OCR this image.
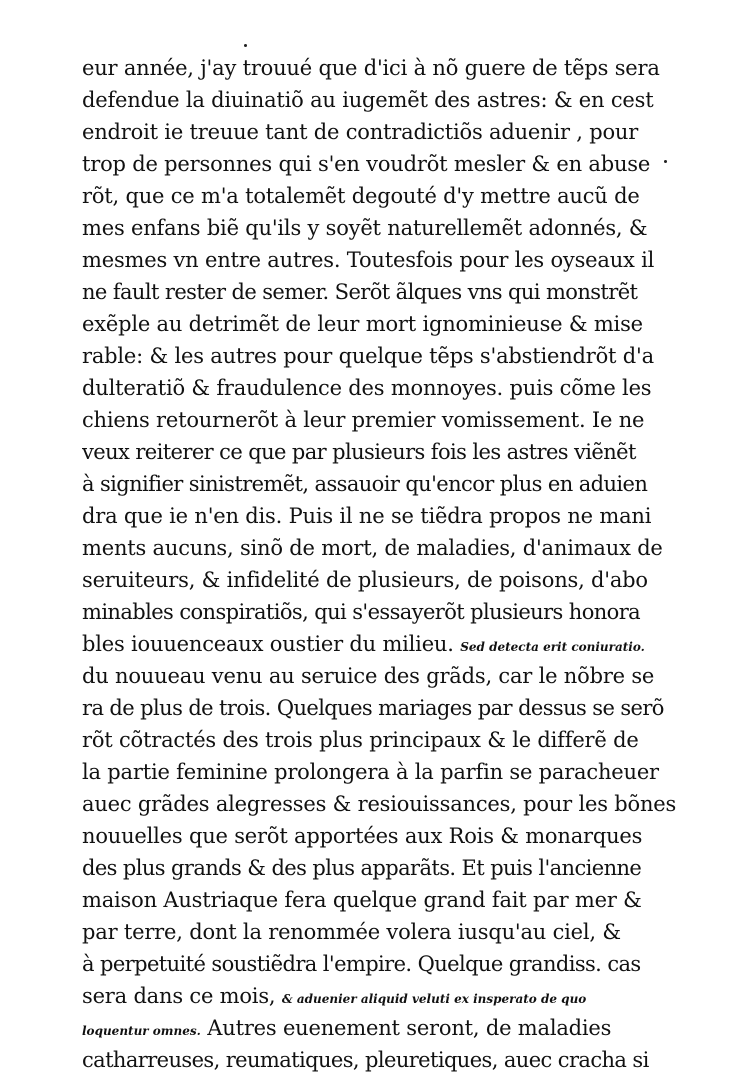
eur année, j'ay trouué que d'ici à nõ guere de tẽps sera
defendue la diuinatiõ au iugemẽt des astres: & en cest
endroit ie treuue tant de contradictiõs aduenir , pour
trop de personnes qui s'en voudrõt mesler & en abuse
rõt, que ce m'a totalemẽt degouté d'y mettre aucũ de
mes enfans biẽ qu'ils y soyẽt naturellemẽt adonnés, &
mesmes vn entre autres. Toutesfois pour les oyseaux il
ne fault rester de semer. Serõt ãlques vns qui monstrẽt
exẽple au detrimẽt de leur mort ignominieuse & mise
rable: & les autres pour quelque tẽps s'abstiendrõt d'a
dulteratiõ & fraudulence des monnoyes. puis cõme les
chiens retournerõt à leur premier vomissement. Ie ne
veux reiterer ce que par plusieurs fois les astres viẽnẽt
à signifier sinistremẽt, assauoir qu'encor plus en aduien
dra que ie n'en dis. Puis il ne se tiẽdra propos ne mani
ments aucuns, sinõ de mort, de maladies, d'animaux de
seruiteurs, & infidelité de plusieurs, de poisons, d'abo
minables conspiratiõs, qui s'essayerõt plusieurs honora
bles iouuenceaux oustier du milieu. Sed detecta erit coniuratio.
du nouueau venu au seruice des grãds, car le nõbre se
ra de plus de trois. Quelques mariages par dessus se serõ
rõt cõtractés des trois plus principaux & le differẽ de
la partie feminine prolongera à la parfin se paracheuer
auec grãdes alegresses & resiouissances, pour les bõnes
nouuelles que serõt apportées aux Rois & monarques
des plus grands & des plus apparãts. Et puis l'ancienne
maison Austriaque fera quelque grand fait par mer &
par terre, dont la renommée volera iusqu'au ciel, &
à perpetuité soustiẽdra l'empire. Quelque grandiss. cas
sera dans ce mois, & aduenier aliquid veluti ex insperato de quo
loquentur omnes. Autres euenement seront, de maladies
catharreuses, reumatiques, pleuretiques, auec cracha si
